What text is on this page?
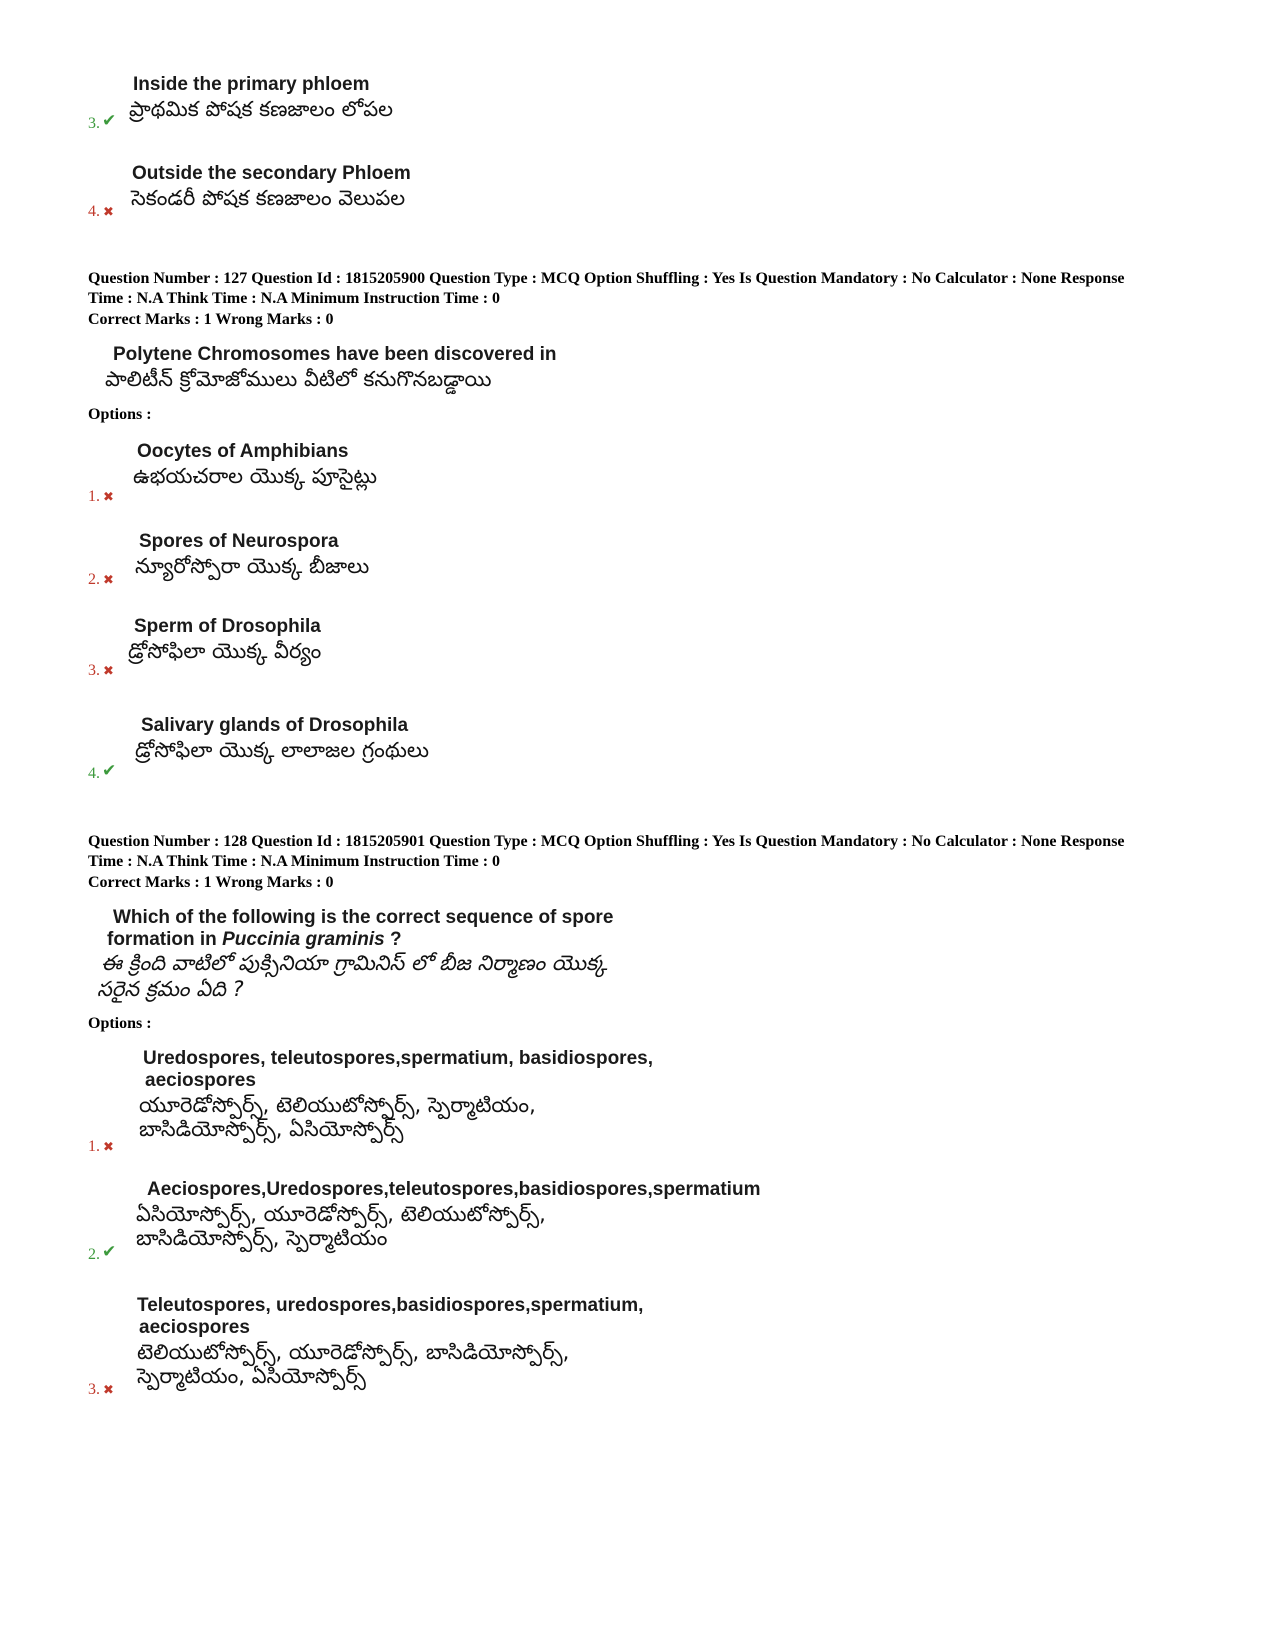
Inside the primary phloem
ప్రాథమిక పోషక కణజాలం లోపల
3. ✔
Outside the secondary Phloem
సెకండరీ పోషక కణజాలం వెలుపల
4. ✖
Question Number : 127 Question Id : 1815205900 Question Type : MCQ Option Shuffling : Yes Is Question Mandatory : No Calculator : None Response
Time : N.A Think Time : N.A Minimum Instruction Time : 0
Correct Marks : 1 Wrong Marks : 0
Polytene Chromosomes have been discovered in
పాలిటీన్ క్రోమోజోములు వీటిలో కనుగొనబడ్డాయి
Options :
Oocytes of Amphibians
ఉభయచరాల యొక్క పూసైట్లు
1. ✖
Spores of Neurospora
న్యూరోస్పోరా యొక్క బీజాలు
2. ✖
Sperm of Drosophila
డ్రోసోఫిలా యొక్క వీర్యం
3. ✖
Salivary glands of Drosophila
డ్రోసోఫిలా యొక్క లాలాజల గ్రంథులు
4. ✔
Question Number : 128 Question Id : 1815205901 Question Type : MCQ Option Shuffling : Yes Is Question Mandatory : No Calculator : None Response
Time : N.A Think Time : N.A Minimum Instruction Time : 0
Correct Marks : 1 Wrong Marks : 0
Which of the following is the correct sequence of spore
formation in Puccinia graminis ?
ఈ క్రింది వాటిలో పుక్సినియా గ్రామినిస్ లో బీజ నిర్మాణం యొక్క
సరైన క్రమం ఏది ?
Options :
Uredospores, teleutospores,spermatium, basidiospores,
aeciospores
యూరెడోస్పోర్స్, టెలియుటోస్పోర్స్, స్పెర్మాటియం,
బాసిడియోస్పోర్స్, ఏసియోస్పోర్స్
1. ✖
Aeciospores,Uredospores,teleutospores,basidiospores,spermatium
ఏసియోస్పోర్స్, యూరెడోస్పోర్స్, టెలియుటోస్పోర్స్,
బాసిడియోస్పోర్స్, స్పెర్మాటియం
2. ✔
Teleutospores, uredospores,basidiospores,spermatium,
aeciospores
టెలియుటోస్పోర్స్, యూరెడోస్పోర్స్, బాసిడియోస్పోర్స్,
స్పెర్మాటియం, ఏసియోస్పోర్స్
3. ✖
